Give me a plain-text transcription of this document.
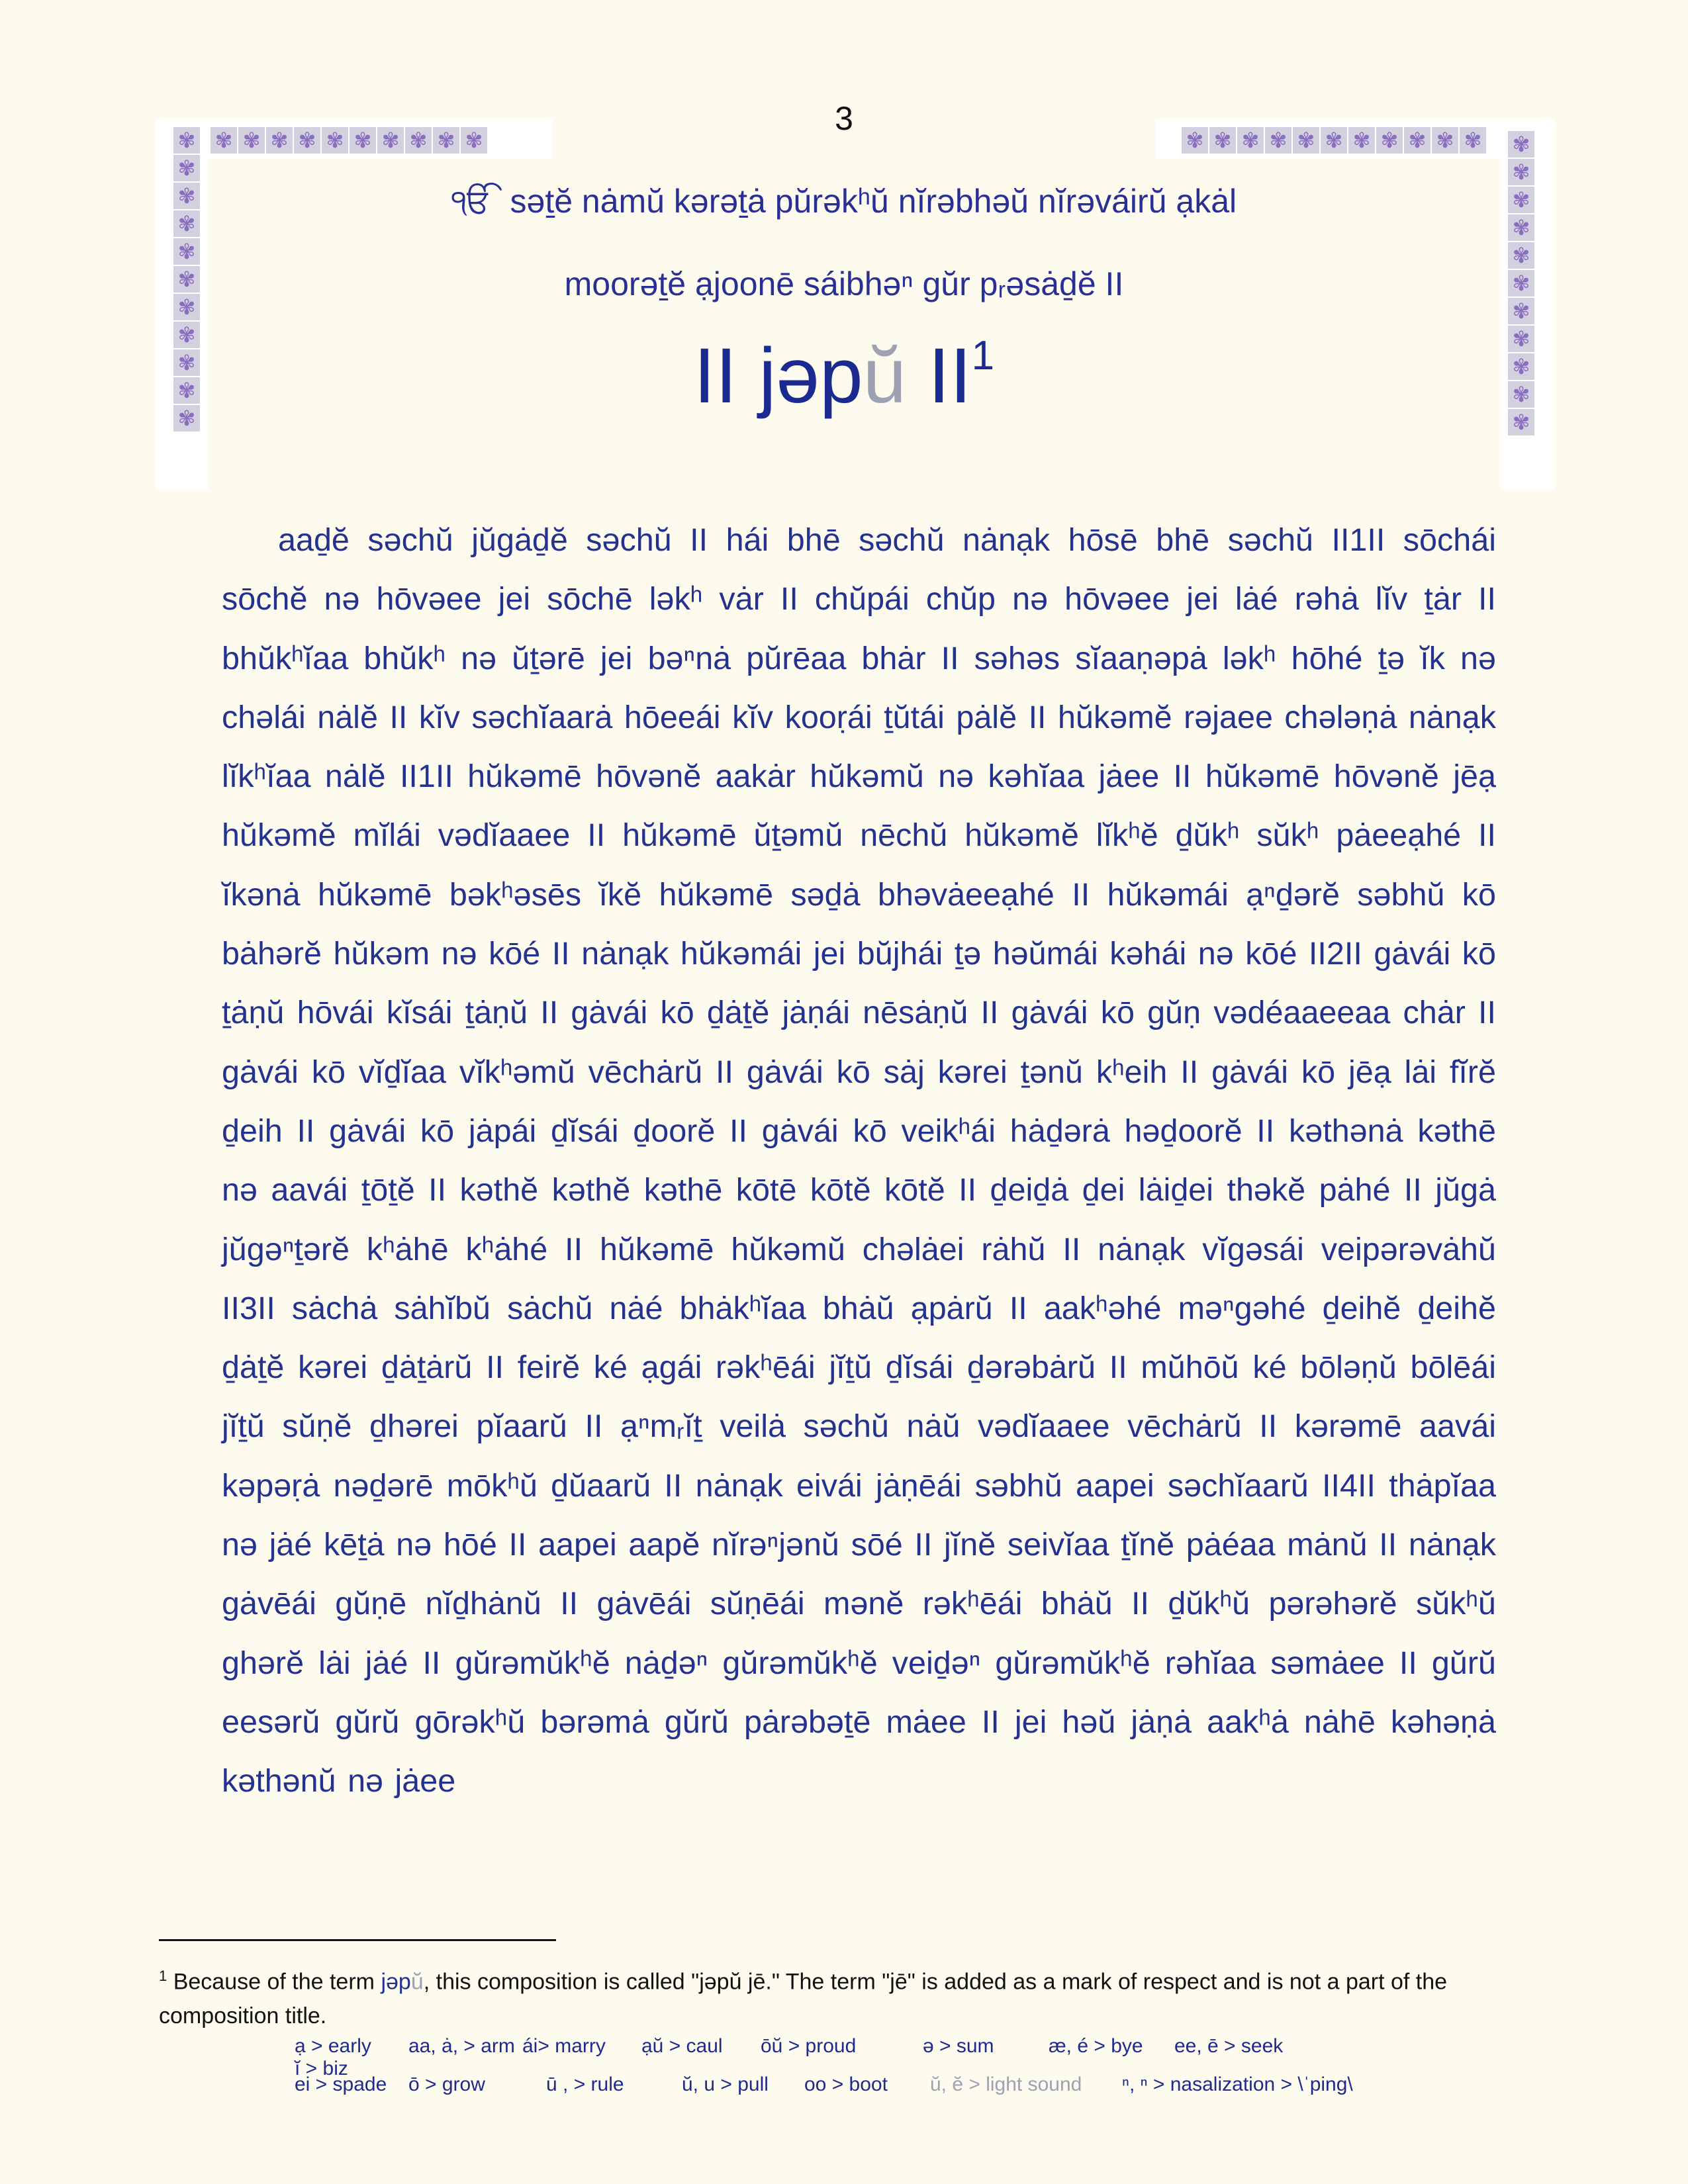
3
✾ ✾ ✾ ✾ ✾ ✾ ✾ ✾ ✾ ✾	✾ ✾ ✾ ✾ ✾ ✾ ✾ ✾ ✾ ✾ ✾
✾
✾
✾
✾
✾
✾
✾
✾
✾
✾
✾
✾
✾
✾
✾
✾
✾
✾
✾
✾
✾
✾
ੴ səṯĕ nȧmŭ kərəṯȧ pŭrəkʰŭ nĭrəbhəŭ nĭrəváirŭ ạkȧl
moorəṯĕ ạjoonē sáibhəⁿ gŭr pᵣəsȧḏĕ II
II jəpŭ $II^1$
aaḏĕ səchŭ jŭgȧḏĕ səchŭ II hái bhē səchŭ nȧnạk hōsē bhē səchŭ II1II sōchái sōchĕ nə hōvəee jei sōchē ləkʰ vȧr II chŭpái chŭp nə hōvəee jei lȧé rəhȧ lĭv ṯȧr II bhŭkʰĭaa bhŭkʰ nə ŭṯərē jei bəⁿnȧ pŭrēaa bhȧr II səhəs sĭaaṇəpȧ ləkʰ hōhé ṯə ĭk nə chəlái nȧlĕ II kĭv səchĭaarȧ hōeeái kĭv kooṛái ṯŭtái pȧlĕ II hŭkəmĕ rəjaee chələṇȧ nȧnạk lĭkʰĭaa nȧlĕ II1II hŭkəmē hōvənĕ aakȧr hŭkəmŭ nə kəhĭaa jȧee II hŭkəmē hōvənĕ jēạ hŭkəmĕ mĭlái vədĭaaee II hŭkəmē ŭṯəmŭ nēchŭ hŭkəmĕ lĭkʰĕ ḏŭkʰ sŭkʰ pȧeeạhé II ĭkənȧ hŭkəmē bəkʰəsēs ĭkĕ hŭkəmē səḏȧ bhəvȧeeạhé II hŭkəmái ạⁿḏərĕ səbhŭ kō bȧhərĕ hŭkəm nə kōé II nȧnạk hŭkəmái jei bŭjhái ṯə həŭmái kəhái nə kōé II2II gȧvái kō ṯȧṇŭ hōvái kĭsái ṯȧṇŭ II gȧvái kō ḏȧṯĕ jȧṇái nēsȧṇŭ II gȧvái kō gŭṇ vədéaaeeaa chȧr II gȧvái kō vĭḏĭaa vĭkʰəmŭ vēchȧrŭ II gȧvái kō sȧj kərei ṯənŭ kʰeih II gȧvái kō jēạ lȧi fĭrĕ ḏeih II gȧvái kō jȧpái ḏĭsái ḏoorĕ II gȧvái kō veikʰái hȧḏərȧ həḏoorĕ II kəthənȧ kəthē nə aavái ṯōṯĕ II kəthĕ kəthĕ kəthē kōtē kōtĕ kōtĕ II ḏeiḏȧ ḏei lȧiḏei thəkĕ pȧhé II jŭgȧ jŭgəⁿṯərĕ kʰȧhē kʰȧhé II hŭkəmē hŭkəmŭ chəlȧei rȧhŭ II nȧnạk vĭgəsái veipərəvȧhŭ II3II sȧchȧ sȧhĭbŭ sȧchŭ nȧé bhȧkʰĭaa bhȧŭ ạpȧrŭ II aakʰəhé məⁿgəhé ḏeihĕ ḏeihĕ ḏȧṯĕ kərei ḏȧṯȧrŭ II feirĕ ké ạgái rəkʰēái jĭṯŭ ḏĭsái ḏərəbȧrŭ II mŭhōŭ ké bōləṇŭ bōlēái jĭṯŭ sŭṇĕ ḏhərei pĭaarŭ II ạⁿmᵣĭṯ veilȧ səchŭ nȧŭ vədĭaaee vēchȧrŭ II kərəmē aavái kəpəṛȧ nəḏərē mōkʰŭ ḏŭaarŭ II nȧnạk eivái jȧṇēái səbhŭ aapei səchĭaarŭ II4II thȧpĭaa nə jȧé kēṯȧ nə hōé II aapei aapĕ nĭrəⁿjənŭ sōé II jĭnĕ seivĭaa ṯĭnĕ pȧéaa mȧnŭ II nȧnạk gȧvēái gŭṇē nĭḏhȧnŭ II gȧvēái sŭṇēái mənĕ rəkʰēái bhȧŭ II ḏŭkʰŭ pərəhərĕ sŭkʰŭ ghərĕ lȧi jȧé II gŭrəmŭkʰĕ nȧḏəⁿ gŭrəmŭkʰĕ veiḏəⁿ gŭrəmŭkʰĕ rəhĭaa səmȧee II gŭrŭ eesərŭ gŭrŭ gōrəkʰŭ bərəmȧ gŭrŭ pȧrəbəṯē mȧee II jei həŭ jȧṇȧ aakʰȧ nȧhē kəhəṇȧ kəthənŭ nə jȧee
$^1$ Because of the term jəpŭ, this composition is called "jəpŭ jē." The term "jē" is added as a mark of respect and is not a part of the composition title.
ạ > early	aa, ȧ, > arm ái> marry	ạŭ > caul	ōŭ > proud	ə > sum	æ, é > bye	ee, ē > seek
ĭ > biz
ei > spade	ō > grow	ū , > rule	ŭ, u > pull	oo > boot	ŭ, ĕ > light sound	ⁿ, ⁿ > nasalization > \ˈping\
